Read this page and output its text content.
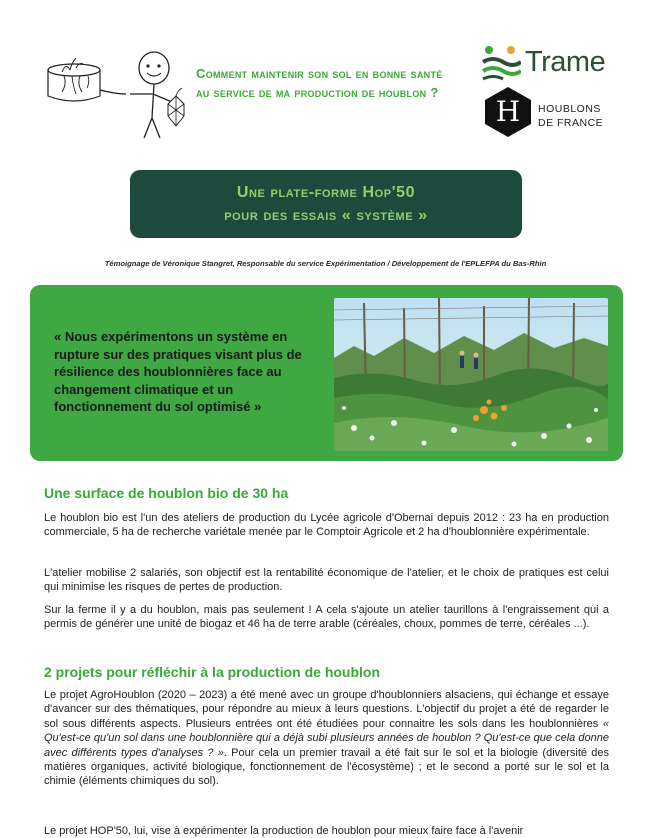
Comment maintenir son sol en bonne santé au service de ma production de houblon ?
Trame
H HOUBLONS
DE FRANCE
Une plate-forme Hop'50
pour des essais « système »
Témoignage de Véronique Stangret, Responsable du service Expérimentation / Développement de l'EPLEFPA du Bas-Rhin
« Nous expérimentons un système en rupture sur des pratiques visant plus de résilience des houblonnières face au changement climatique et un fonctionnement du sol optimisé »
Une surface de houblon bio de 30 ha
Le houblon bio est l'un des ateliers de production du Lycée agricole d'Obernai depuis 2012 : 23 ha en production commerciale, 5 ha de recherche variétale menée par le Comptoir Agricole et 2 ha d'houblonnière expérimentale.
L'atelier mobilise 2 salariés, son objectif est la rentabilité économique de l'atelier, et le choix de pratiques est celui qui minimise les risques de pertes de production.
Sur la ferme il y a du houblon, mais pas seulement ! A cela s'ajoute un atelier taurillons à l'engraissement qui a permis de générer une unité de biogaz et 46 ha de terre arable (céréales, choux, pommes de terre, céréales ...).
2 projets pour réfléchir à la production de houblon
Le projet AgroHoublon (2020 – 2023) a été mené avec un groupe d'houblonniers alsaciens, qui échange et essaye d'avancer sur des thématiques, pour répondre au mieux à leurs questions. L'objectif du projet a été de regarder le sol sous différents aspects. Plusieurs entrées ont été étudiées pour connaitre les sols dans les houblonnières « Qu'est-ce qu'un sol dans une houblonnière qui a déjà subi plusieurs années de houblon ? Qu'est-ce que cela donne avec différents types d'analyses ? ». Pour cela un premier travail a été fait sur le sol et la biologie (diversité des matières organiques, activité biologique, fonctionnement de l'écosystème) ; et le second a porté sur le sol et la chimie (éléments chimiques du sol).
Le projet HOP'50, lui, vise à expérimenter la production de houblon pour mieux faire face à l'avenir
